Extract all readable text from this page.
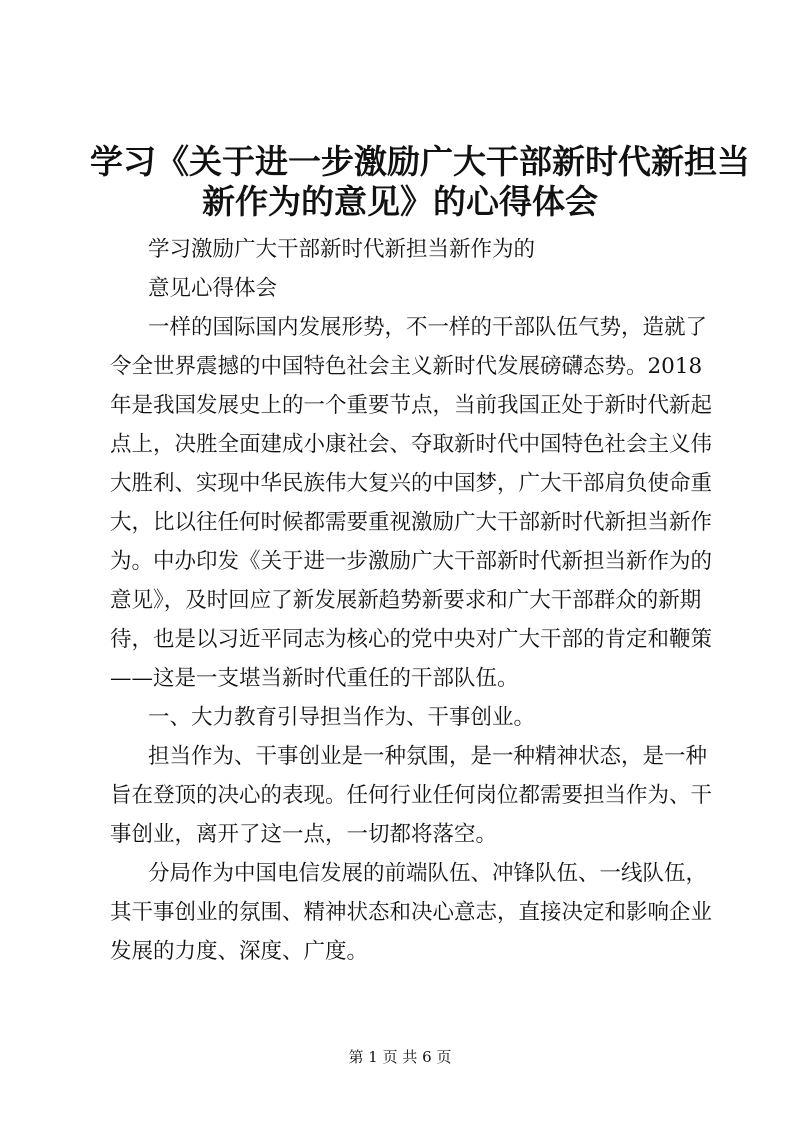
学习《关于进一步激励广大干部新时代新担当
新作为的意见》的心得体会

学习激励广大干部新时代新担当新作为的

意见心得体会

一样的国际国内发展形势，不一样的干部队伍气势，造就了

令全世界震撼的中国特色社会主义新时代发展磅礴态势。2018

年是我国发展史上的一个重要节点，当前我国正处于新时代新起

点上，决胜全面建成小康社会、夺取新时代中国特色社会主义伟

大胜利、实现中华民族伟大复兴的中国梦，广大干部肩负使命重

大，比以往任何时候都需要重视激励广大干部新时代新担当新作

为。中办印发《关于进一步激励广大干部新时代新担当新作为的

意见》，及时回应了新发展新趋势新要求和广大干部群众的新期

待，也是以习近平同志为核心的党中央对广大干部的肯定和鞭策

——这是一支堪当新时代重任的干部队伍。

一、大力教育引导担当作为、干事创业。

担当作为、干事创业是一种氛围，是一种精神状态，是一种

旨在登顶的决心的表现。任何行业任何岗位都需要担当作为、干

事创业，离开了这一点，一切都将落空。

分局作为中国电信发展的前端队伍、冲锋队伍、一线队伍，

其干事创业的氛围、精神状态和决心意志，直接决定和影响企业

发展的力度、深度、广度。

第 1 页 共 6 页
